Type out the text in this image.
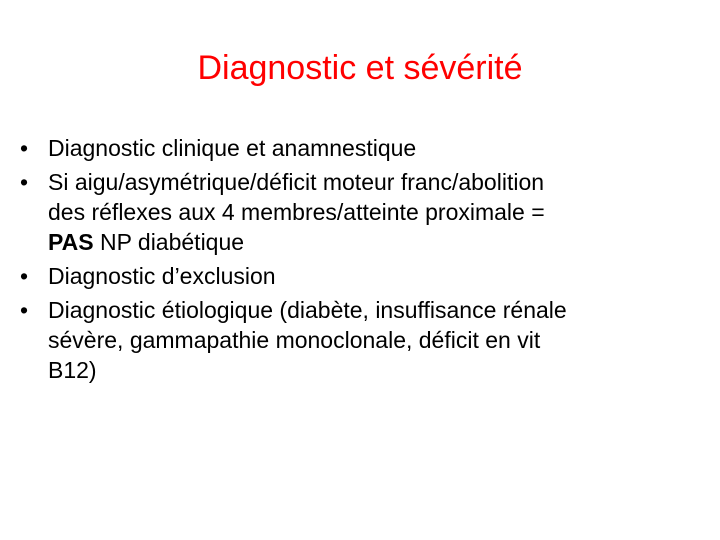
Diagnostic et sévérité
• Diagnostic clinique et anamnestique
• Si aigu/asymétrique/déficit moteur franc/abolition
des réflexes aux 4 membres/atteinte proximale =
PAS NP diabétique
• Diagnostic d’exclusion
• Diagnostic étiologique (diabète, insuffisance rénale
sévère, gammapathie monoclonale, déficit en vit
B12)
